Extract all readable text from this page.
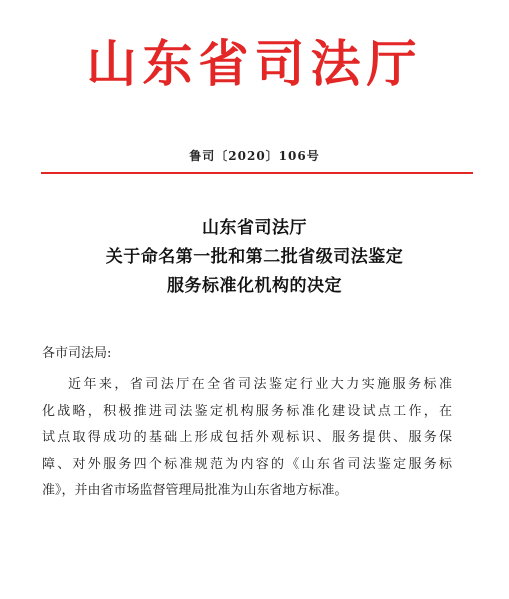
山东省司法厅
鲁司〔2020〕106号
山东省司法厅
关于命名第一批和第二批省级司法鉴定
服务标准化机构的决定
各市司法局:
近年来，省司法厅在全省司法鉴定行业大力实施服务标准
化战略，积极推进司法鉴定机构服务标准化建设试点工作，在
试点取得成功的基础上形成包括外观标识、服务提供、服务保
障、对外服务四个标准规范为内容的《山东省司法鉴定服务标
准》，并由省市场监督管理局批准为山东省地方标准。
